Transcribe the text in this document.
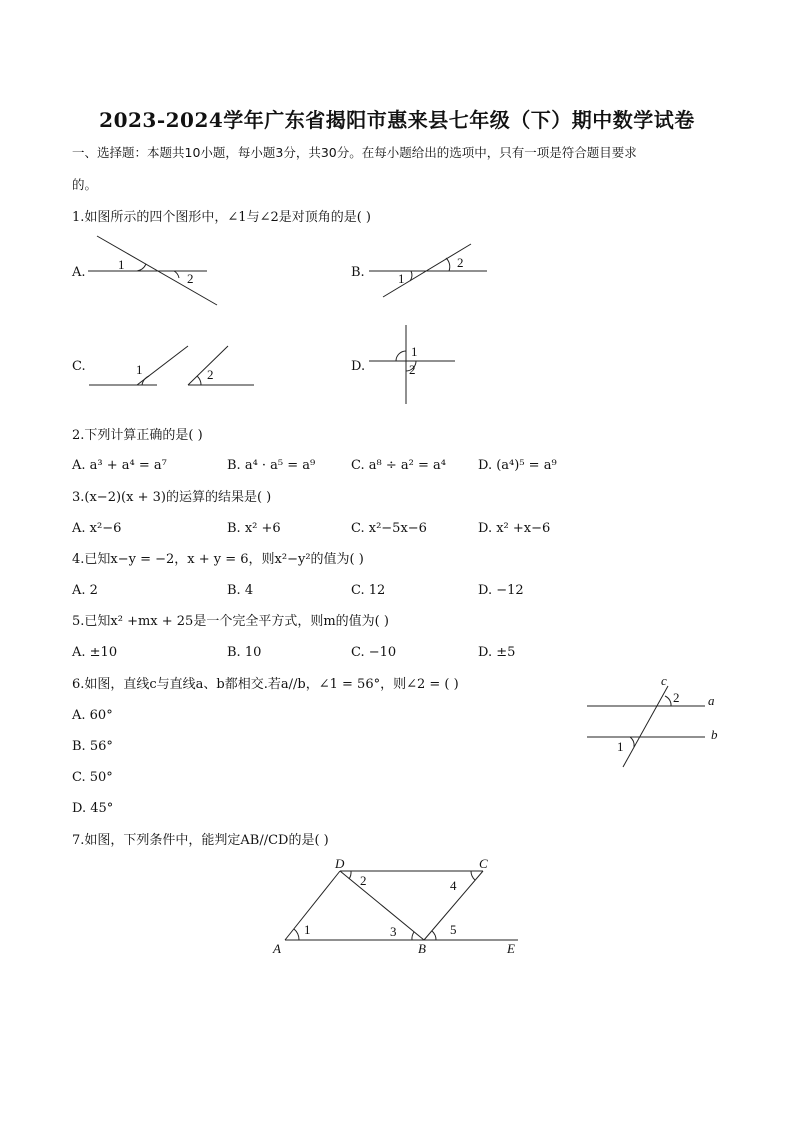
2023-2024学年广东省揭阳市惠来县七年级（下）期中数学试卷
一、选择题：本题共10小题，每小题3分，共30分。在每小题给出的选项中，只有一项是符合题目要求
的。
1.如图所示的四个图形中，∠1与∠2是对顶角的是( )
A.	B.
C.	D.
1
2	1
2
1	2
1
2
c
a
b
2
1
A	B
C
D
E
1
2
3
4
5
2.下列计算正确的是( )
A. a³ + a⁴ = a⁷	B. a⁴ · a⁵ = a⁹	C. a⁸ ÷ a² = a⁴ D. (a⁴)⁵ = a⁹
3.(x−2)(x + 3)的运算的结果是( )
A. x²−6	B. x² +6	C. x²−5x−6	D. x² +x−6
4.已知x−y = −2，x + y = 6，则x²−y²的值为( )
A. 2	B. 4	C. 12	D. −12
5.已知x² +mx + 25是一个完全平方式，则m的值为( )
A. ±10	B. 10	C. −10	D. ±5
6.如图，直线c与直线a、b都相交.若a//b，∠1 = 56°，则∠2 = ( )
A. 60°
B. 56°
C. 50°
D. 45°
7.如图，下列条件中，能判定AB//CD的是( )
